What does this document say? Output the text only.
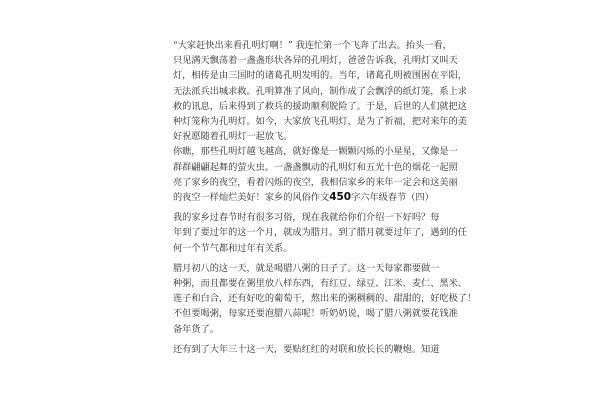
“大家赶快出来看孔明灯啊！” 我连忙第一个飞奔了出去。抬头一看，
只见满天飘荡着一盏盏形状各异的孔明灯，爸爸告诉我，孔明灯又叫天
灯，相传是由三国时的诸葛孔明发明的。当年，诸葛孔明被围困在平阳，
无法派兵出城求救。孔明算准了风向，制作成了会飘浮的纸灯笼，系上求
救的讯息，后来得到了救兵的援助顺利脱险了。于是，后世的人们就把这
种灯笼称为孔明灯。如今，大家放飞孔明灯，是为了祈福，把对来年的美
好祝愿随着孔明灯一起放飞。
你瞧，那些孔明灯越飞越高，就好像是一颗颗闪烁的小星星，又像是一
群群翩翩起舞的萤火虫。一盏盏飘动的孔明灯和五光十色的烟花一起照
亮了家乡的夜空，看着闪烁的夜空，我相信家乡的来年一定会和这美丽
的夜空一样灿烂美好！家乡的风俗作文450字六年级春节（四）
我的家乡过春节时有很多习俗，现在我就给你们介绍一下好吗？每
年到了要过年的这一个月，就成为腊月。到了腊月就要过年了，遇到的任
何一个节气都和过年有关系。
腊月初八的这一天，就是喝腊八粥的日子了。这一天每家都要做一
种粥，而且都要在粥里放八样东西，有红豆、绿豆、江米、麦仁、黑米、
莲子和白合，还有好吃的葡萄干，熬出来的粥稠稠的、甜甜的，好吃极了！
不但要喝粥，每家还要泡腊八蒜呢！听奶奶说，喝了腊八粥就要花钱准
备年货了。
还有到了大年三十这一天，要贴红红的对联和放长长的鞭炮。知道
